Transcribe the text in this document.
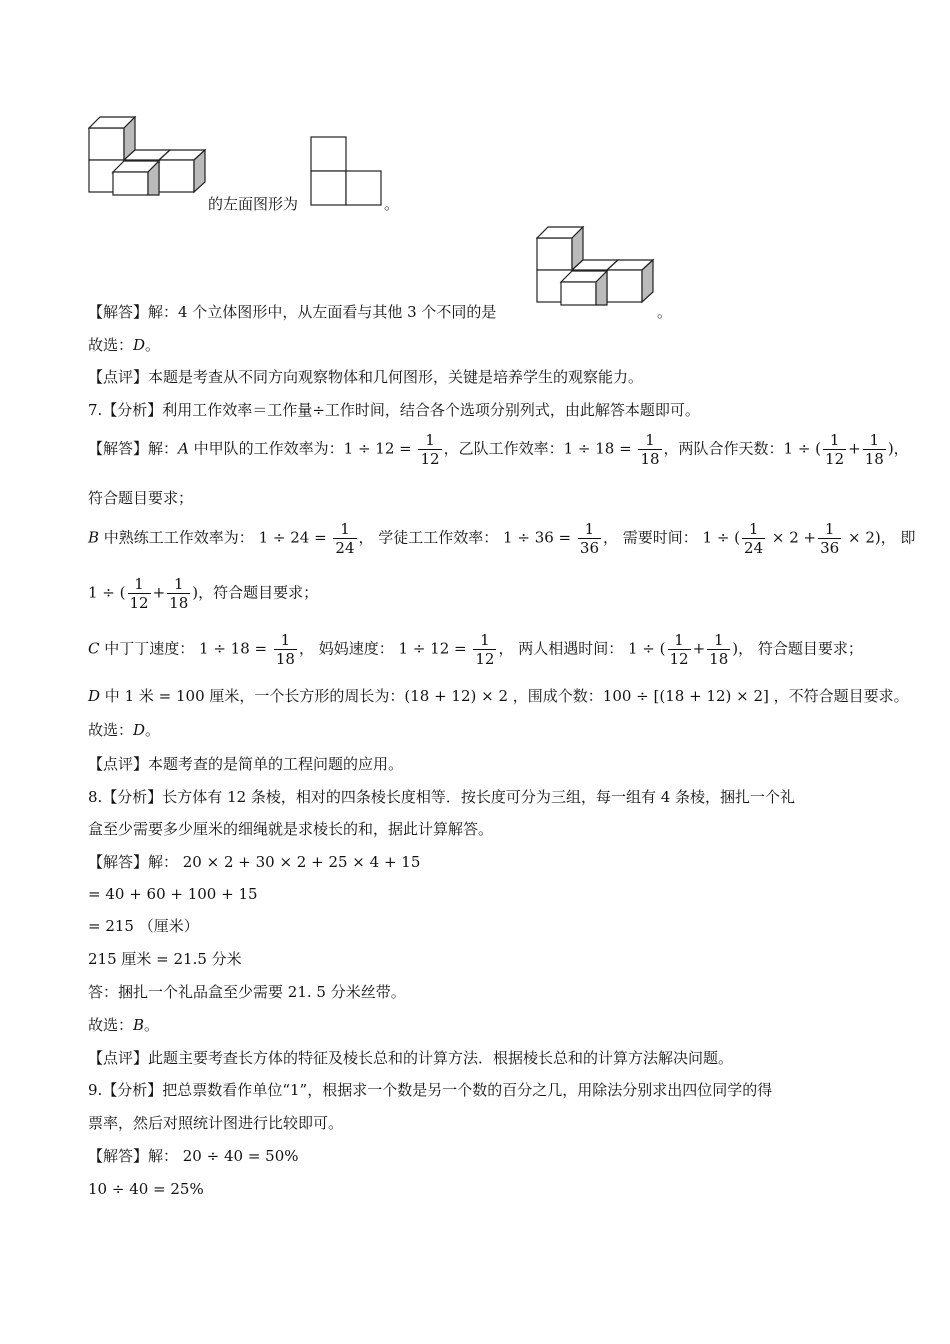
的左面图形为	。
【解答】解：4 个立体图形中，从左面看与其他 3 个不同的是	。
故选：D。
【点评】本题是考查从不同方向观察物体和几何图形，关键是培养学生的观察能力。
7.【分析】利用工作效率＝工作量÷工作时间，结合各个选项分别列式，由此解答本题即可。
【解答】解：A 中甲队的工作效率为：$1 \div 12 = \frac{1}{12}$ ，乙队工作效率：$1 \div 18 = \frac{1}{18}$ ，两队合作天数：1 ÷ ( $\frac{1}{12} + \frac{1}{18}$ )，
符合题目要求；
B 中熟练工工作效率为： $1 \div 24 = \frac{1}{24}$ ， 学徒工工作效率： $1 \div 36 = \frac{1}{36}$ ， 需要时间： 1 ÷ ( $\frac{1}{24} \times 2 + \frac{1}{36} \times 2$)， 即
1 ÷ ( $\frac{1}{12} + \frac{1}{18}$ )，符合题目要求；
C 中丁丁速度： $1 \div 18 = \frac{1}{18}$ ， 妈妈速度： $1 \div 12 = \frac{1}{12}$ ， 两人相遇时间： 1 ÷ ( $\frac{1}{12} + \frac{1}{18}$ )， 符合题目要求；
D 中 1 米 = 100 厘米，一个长方形的周长为：(18 + 12) × 2 ，围成个数：100 ÷ [(18 + 12) × 2] ，不符合题目要求。
故选：D。
【点评】本题考查的是简单的工程问题的应用。
8.【分析】长方体有 12 条棱，相对的四条棱长度相等．按长度可分为三组，每一组有 4 条棱，捆扎一个礼
盒至少需要多少厘米的细绳就是求棱长的和，据此计算解答。
【解答】解： 20 × 2 + 30 × 2 + 25 × 4 + 15
= 40 + 60 + 100 + 15
= 215 （厘米）
215 厘米 = 21.5 分米
答：捆扎一个礼品盒至少需要 21. 5 分米丝带。
故选：B。
【点评】此题主要考查长方体的特征及棱长总和的计算方法．根据棱长总和的计算方法解决问题。
9.【分析】把总票数看作单位“1”，根据求一个数是另一个数的百分之几，用除法分别求出四位同学的得
票率，然后对照统计图进行比较即可。
【解答】解： 20 ÷ 40 = 50%
10 ÷ 40 = 25%
